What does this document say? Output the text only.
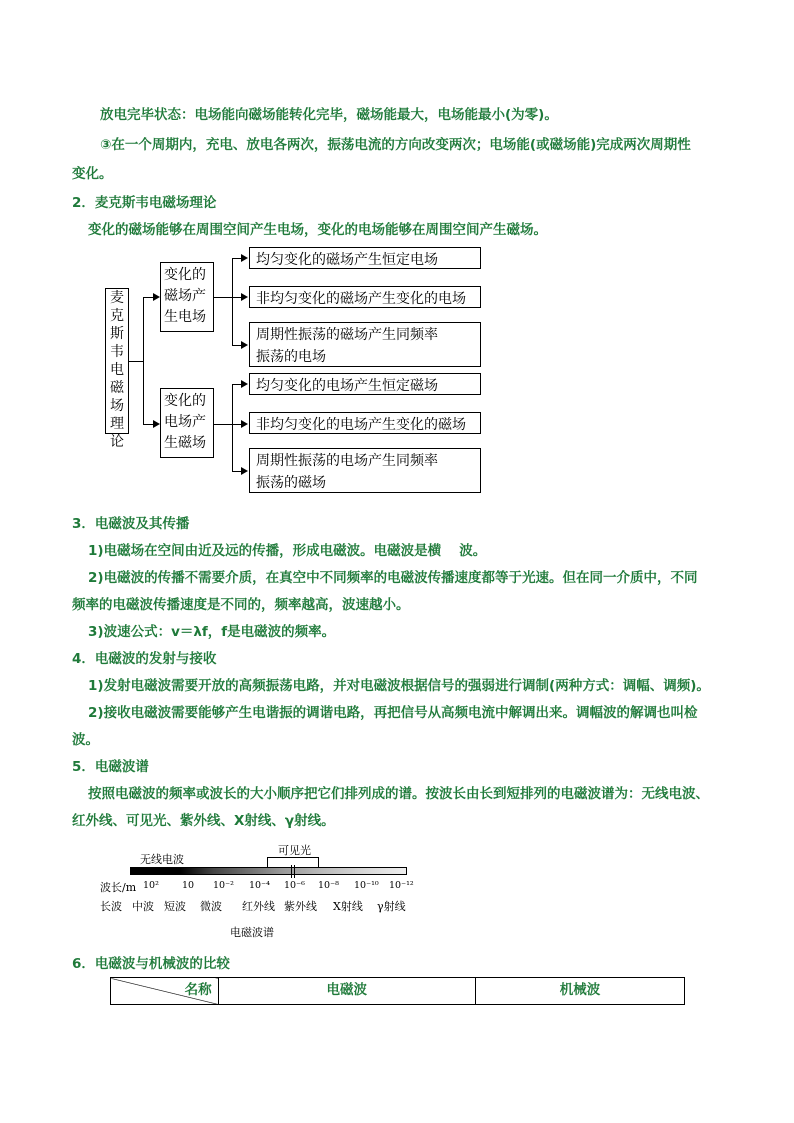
放电完毕状态：电场能向磁场能转化完毕，磁场能最大，电场能最小(为零)。
③在一个周期内，充电、放电各两次，振荡电流的方向改变两次；电场能(或磁场能)完成两次周期性
变化。
2．麦克斯韦电磁场理论
变化的磁场能够在周围空间产生电场，变化的电场能够在周围空间产生磁场。
麦
克
斯
韦
电
磁
场
理
论
变化的
磁场产
生电场
均匀变化的磁场产生恒定电场
非均匀变化的磁场产生变化的电场
周期性振荡的磁场产生同频率
振荡的电场
变化的
电场产
生磁场
均匀变化的电场产生恒定磁场
非均匀变化的电场产生变化的磁场
周期性振荡的电场产生同频率
振荡的磁场
3．电磁波及其传播
1)电磁场在空间由近及远的传播，形成电磁波。电磁波是横　 波。
2)电磁波的传播不需要介质，在真空中不同频率的电磁波传播速度都等于光速。但在同一介质中，不同
频率的电磁波传播速度是不同的，频率越高，波速越小。
3)波速公式：v＝λf，f是电磁波的频率。
4．电磁波的发射与接收
1)发射电磁波需要开放的高频振荡电路，并对电磁波根据信号的强弱进行调制(两种方式：调幅、调频)。
2)接收电磁波需要能够产生电谐振的调谐电路，再把信号从高频电流中解调出来。调幅波的解调也叫检
波。
5．电磁波谱
按照电磁波的频率或波长的大小顺序把它们排列成的谱。按波长由长到短排列的电磁波谱为：无线电波、
红外线、可见光、紫外线、X射线、γ射线。
无线电波
可见光
波长/m 10² 10 10⁻² 10⁻⁴ 10⁻⁶ 10⁻⁸ 10⁻¹⁰ 10⁻¹²
长波 中波 短波 微波 红外线 紫外线 X射线 γ射线
电磁波谱
6．电磁波与机械波的比较
名称	电磁波	机械波
